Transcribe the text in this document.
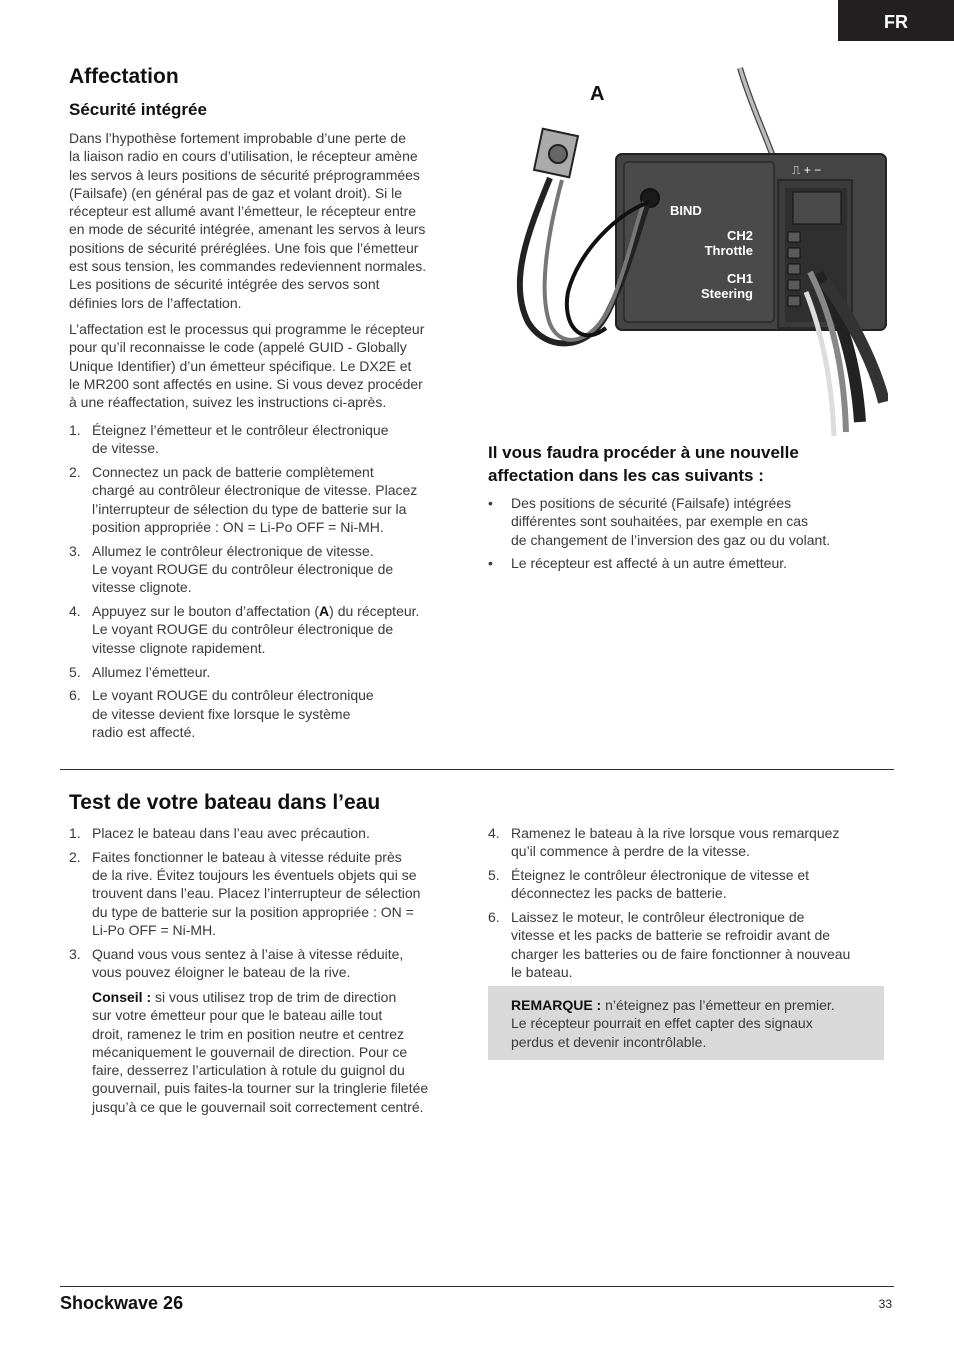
FR
Affectation
Sécurité intégrée

Dans l’hypothèse fortement improbable d’une perte de
la liaison radio en cours d’utilisation, le récepteur amène
les servos à leurs positions de sécurité préprogrammées
(Failsafe) (en général pas de gaz et volant droit). Si le
récepteur est allumé avant l’émetteur, le récepteur entre
en mode de sécurité intégrée, amenant les servos à leurs
positions de sécurité préréglées. Une fois que l’émetteur
est sous tension, les commandes redeviennent normales.
Les positions de sécurité intégrée des servos sont
définies lors de l’affectation.

L’affectation est le processus qui programme le récepteur
pour qu’il reconnaisse le code (appelé GUID - Globally
Unique Identifier) d’un émetteur spécifique. Le DX2E et
le MR200 sont affectés en usine. Si vous devez procéder
à une réaffectation, suivez les instructions ci-après.

1. Éteignez l’émetteur et le contrôleur électronique
de vitesse.
2. Connectez un pack de batterie complètement
chargé au contrôleur électronique de vitesse. Placez
l’interrupteur de sélection du type de batterie sur la
position appropriée : ON = Li-Po OFF = Ni-MH.
3. Allumez le contrôleur électronique de vitesse.
Le voyant ROUGE du contrôleur électronique de
vitesse clignote.
4. Appuyez sur le bouton d’affectation (A) du récepteur.
Le voyant ROUGE du contrôleur électronique de
vitesse clignote rapidement.
5. Allumez l’émetteur.
6. Le voyant ROUGE du contrôleur électronique
de vitesse devient fixe lorsque le système
radio est affecté.
⎍ + −
BIND
CH2
Throttle
CH1
Steering
A
Il vous faudra procéder à une nouvelle
affectation dans les cas suivants :
• Des positions de sécurité (Failsafe) intégrées
différentes sont souhaitées, par exemple en cas
de changement de l’inversion des gaz ou du volant.
• Le récepteur est affecté à un autre émetteur.
Test de votre bateau dans l’eau
1. Placez le bateau dans l’eau avec précaution.
2. Faites fonctionner le bateau à vitesse réduite près
de la rive. Évitez toujours les éventuels objets qui se
trouvent dans l’eau. Placez l’interrupteur de sélection
du type de batterie sur la position appropriée : ON =
Li-Po OFF = Ni-MH.
3. Quand vous vous sentez à l’aise à vitesse réduite,
vous pouvez éloigner le bateau de la rive.

Conseil : si vous utilisez trop de trim de direction
sur votre émetteur pour que le bateau aille tout
droit, ramenez le trim en position neutre et centrez
mécaniquement le gouvernail de direction. Pour ce
faire, desserrez l’articulation à rotule du guignol du
gouvernail, puis faites-la tourner sur la tringlerie filetée
jusqu’à ce que le gouvernail soit correctement centré.

4. Ramenez le bateau à la rive lorsque vous remarquez
qu’il commence à perdre de la vitesse.
5. Éteignez le contrôleur électronique de vitesse et
déconnectez les packs de batterie.
6. Laissez le moteur, le contrôleur électronique de
vitesse et les packs de batterie se refroidir avant de
charger les batteries ou de faire fonctionner à nouveau
le bateau.

REMARQUE : n’éteignez pas l’émetteur en premier.
Le récepteur pourrait en effet capter des signaux
perdus et devenir incontrôlable.

Shockwave 26	33
